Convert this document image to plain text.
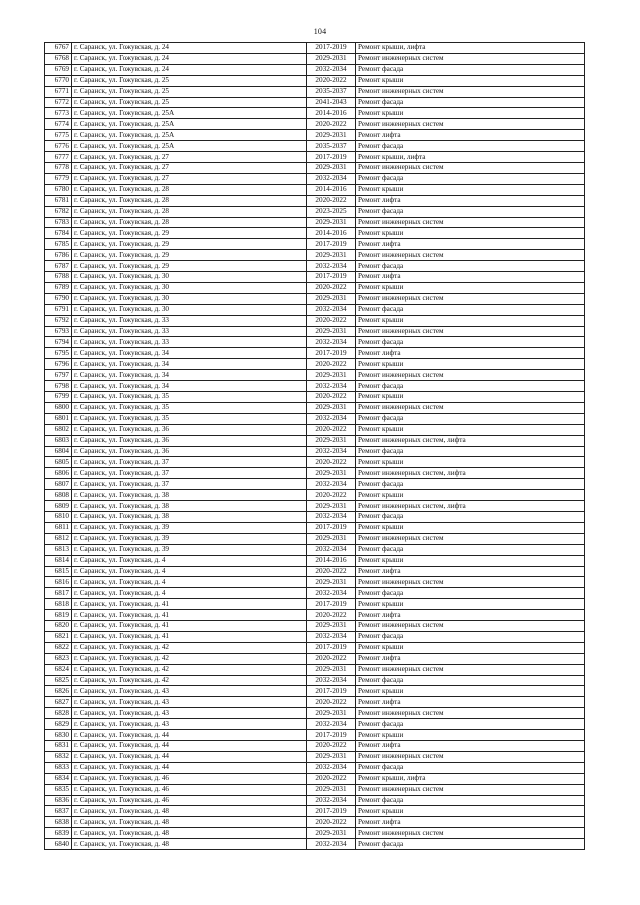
104
6767	г. Саранск, ул. Гожувская, д. 24	2017-2019	Ремонт крыши, лифта
6768	г. Саранск, ул. Гожувская, д. 24	2029-2031	Ремонт инженерных систем
6769	г. Саранск, ул. Гожувская, д. 24	2032-2034	Ремонт фасада
6770	г. Саранск, ул. Гожувская, д. 25	2020-2022	Ремонт крыши
6771	г. Саранск, ул. Гожувская, д. 25	2035-2037	Ремонт инженерных систем
6772	г. Саранск, ул. Гожувская, д. 25	2041-2043	Ремонт фасада
6773	г. Саранск, ул. Гожувская, д. 25А	2014-2016	Ремонт крыши
6774	г. Саранск, ул. Гожувская, д. 25А	2020-2022	Ремонт инженерных систем
6775	г. Саранск, ул. Гожувская, д. 25А	2029-2031	Ремонт лифта
6776	г. Саранск, ул. Гожувская, д. 25А	2035-2037	Ремонт фасада
6777	г. Саранск, ул. Гожувская, д. 27	2017-2019	Ремонт крыши, лифта
6778	г. Саранск, ул. Гожувская, д. 27	2029-2031	Ремонт инженерных систем
6779	г. Саранск, ул. Гожувская, д. 27	2032-2034	Ремонт фасада
6780	г. Саранск, ул. Гожувская, д. 28	2014-2016	Ремонт крыши
6781	г. Саранск, ул. Гожувская, д. 28	2020-2022	Ремонт лифта
6782	г. Саранск, ул. Гожувская, д. 28	2023-2025	Ремонт фасада
6783	г. Саранск, ул. Гожувская, д. 28	2029-2031	Ремонт инженерных систем
6784	г. Саранск, ул. Гожувская, д. 29	2014-2016	Ремонт крыши
6785	г. Саранск, ул. Гожувская, д. 29	2017-2019	Ремонт лифта
6786	г. Саранск, ул. Гожувская, д. 29	2029-2031	Ремонт инженерных систем
6787	г. Саранск, ул. Гожувская, д. 29	2032-2034	Ремонт фасада
6788	г. Саранск, ул. Гожувская, д. 30	2017-2019	Ремонт лифта
6789	г. Саранск, ул. Гожувская, д. 30	2020-2022	Ремонт крыши
6790	г. Саранск, ул. Гожувская, д. 30	2029-2031	Ремонт инженерных систем
6791	г. Саранск, ул. Гожувская, д. 30	2032-2034	Ремонт фасада
6792	г. Саранск, ул. Гожувская, д. 33	2020-2022	Ремонт крыши
6793	г. Саранск, ул. Гожувская, д. 33	2029-2031	Ремонт инженерных систем
6794	г. Саранск, ул. Гожувская, д. 33	2032-2034	Ремонт фасада
6795	г. Саранск, ул. Гожувская, д. 34	2017-2019	Ремонт лифта
6796	г. Саранск, ул. Гожувская, д. 34	2020-2022	Ремонт крыши
6797	г. Саранск, ул. Гожувская, д. 34	2029-2031	Ремонт инженерных систем
6798	г. Саранск, ул. Гожувская, д. 34	2032-2034	Ремонт фасада
6799	г. Саранск, ул. Гожувская, д. 35	2020-2022	Ремонт крыши
6800	г. Саранск, ул. Гожувская, д. 35	2029-2031	Ремонт инженерных систем
6801	г. Саранск, ул. Гожувская, д. 35	2032-2034	Ремонт фасада
6802	г. Саранск, ул. Гожувская, д. 36	2020-2022	Ремонт крыши
6803	г. Саранск, ул. Гожувская, д. 36	2029-2031	Ремонт инженерных систем, лифта
6804	г. Саранск, ул. Гожувская, д. 36	2032-2034	Ремонт фасада
6805	г. Саранск, ул. Гожувская, д. 37	2020-2022	Ремонт крыши
6806	г. Саранск, ул. Гожувская, д. 37	2029-2031	Ремонт инженерных систем, лифта
6807	г. Саранск, ул. Гожувская, д. 37	2032-2034	Ремонт фасада
6808	г. Саранск, ул. Гожувская, д. 38	2020-2022	Ремонт крыши
6809	г. Саранск, ул. Гожувская, д. 38	2029-2031	Ремонт инженерных систем, лифта
6810	г. Саранск, ул. Гожувская, д. 38	2032-2034	Ремонт фасада
6811	г. Саранск, ул. Гожувская, д. 39	2017-2019	Ремонт крыши
6812	г. Саранск, ул. Гожувская, д. 39	2029-2031	Ремонт инженерных систем
6813	г. Саранск, ул. Гожувская, д. 39	2032-2034	Ремонт фасада
6814	г. Саранск, ул. Гожувская, д. 4	2014-2016	Ремонт крыши
6815	г. Саранск, ул. Гожувская, д. 4	2020-2022	Ремонт лифта
6816	г. Саранск, ул. Гожувская, д. 4	2029-2031	Ремонт инженерных систем
6817	г. Саранск, ул. Гожувская, д. 4	2032-2034	Ремонт фасада
6818	г. Саранск, ул. Гожувская, д. 41	2017-2019	Ремонт крыши
6819	г. Саранск, ул. Гожувская, д. 41	2020-2022	Ремонт лифта
6820	г. Саранск, ул. Гожувская, д. 41	2029-2031	Ремонт инженерных систем
6821	г. Саранск, ул. Гожувская, д. 41	2032-2034	Ремонт фасада
6822	г. Саранск, ул. Гожувская, д. 42	2017-2019	Ремонт крыши
6823	г. Саранск, ул. Гожувская, д. 42	2020-2022	Ремонт лифта
6824	г. Саранск, ул. Гожувская, д. 42	2029-2031	Ремонт инженерных систем
6825	г. Саранск, ул. Гожувская, д. 42	2032-2034	Ремонт фасада
6826	г. Саранск, ул. Гожувская, д. 43	2017-2019	Ремонт крыши
6827	г. Саранск, ул. Гожувская, д. 43	2020-2022	Ремонт лифта
6828	г. Саранск, ул. Гожувская, д. 43	2029-2031	Ремонт инженерных систем
6829	г. Саранск, ул. Гожувская, д. 43	2032-2034	Ремонт фасада
6830	г. Саранск, ул. Гожувская, д. 44	2017-2019	Ремонт крыши
6831	г. Саранск, ул. Гожувская, д. 44	2020-2022	Ремонт лифта
6832	г. Саранск, ул. Гожувская, д. 44	2029-2031	Ремонт инженерных систем
6833	г. Саранск, ул. Гожувская, д. 44	2032-2034	Ремонт фасада
6834	г. Саранск, ул. Гожувская, д. 46	2020-2022	Ремонт крыши, лифта
6835	г. Саранск, ул. Гожувская, д. 46	2029-2031	Ремонт инженерных систем
6836	г. Саранск, ул. Гожувская, д. 46	2032-2034	Ремонт фасада
6837	г. Саранск, ул. Гожувская, д. 48	2017-2019	Ремонт крыши
6838	г. Саранск, ул. Гожувская, д. 48	2020-2022	Ремонт лифта
6839	г. Саранск, ул. Гожувская, д. 48	2029-2031	Ремонт инженерных систем
6840	г. Саранск, ул. Гожувская, д. 48	2032-2034	Ремонт фасада
